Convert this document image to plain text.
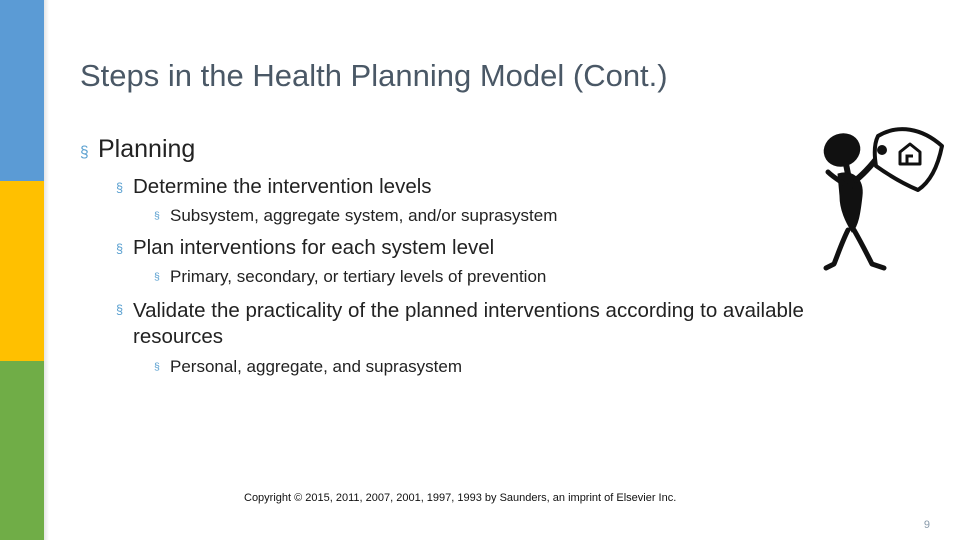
Steps in the Health Planning Model (Cont.)
§ Planning
§ Determine the intervention levels
§ Subsystem, aggregate system, and/or suprasystem
§ Plan interventions for each system level
§ Primary, secondary, or tertiary levels of prevention
§ Validate the practicality of the planned interventions according to available resources
§ Personal, aggregate, and suprasystem
Copyright © 2015, 2011, 2007, 2001, 1997, 1993 by Saunders, an imprint of Elsevier Inc.
9
